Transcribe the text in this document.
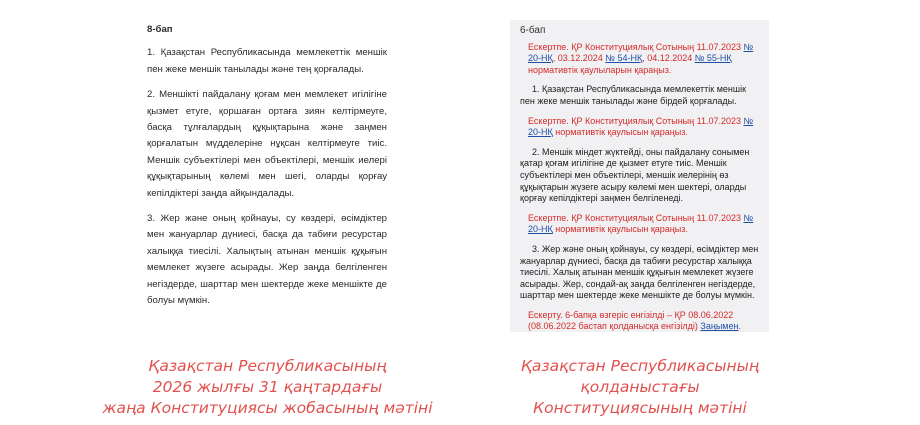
8-бап

1. Қазақстан Республикасында мемлекеттік меншік пен жеке меншік танылады және тең қорғалады.

2. Меншікті пайдалану қоғам мен мемлекет игілігіне қызмет етуге, қоршаған ортаға зиян келтірмеуге, басқа тұлғалардың құқықтарына және заңмен қорғалатын мүдделеріне нұқсан келтірмеуге тиіс. Меншік субъектілері мен объектілері, меншік иелері құқықтарының көлемі мен шегі, оларды қорғау кепілдіктері заңда айқындалады.

3. Жер және оның қойнауы, су көздері, өсімдіктер мен жануарлар дүниесі, басқа да табиғи ресурстар халыққа тиесілі. Халықтың атынан меншік құқығын мемлекет жүзеге асырады. Жер заңда белгіленген негіздерде, шарттар мен шектерде жеке меншікте де болуы мүмкін.

6-бап
Ескертпе. ҚР Конституциялық Сотының 11.07.2023 № 20-НҚ, 03.12.2024 № 54-НҚ, 04.12.2024 № 55-НҚ нормативтік қаулыларын қараңыз.
1. Қазақстан Республикасында мемлекеттік меншік пен жеке меншік танылады және бірдей қорғалады.
Ескертпе. ҚР Конституциялық Сотының 11.07.2023 № 20-НҚ нормативтік қаулысын қараңыз.
2. Меншік міндет жүктейді, оны пайдалану сонымен қатар қоғам игілігіне де қызмет етуге тиіс. Меншік субъектілері мен объектілері, меншік иелерінің өз құқықтарын жүзеге асыру көлемі мен шектері, оларды қорғау кепілдіктері заңмен белгіленеді.
Ескертпе. ҚР Конституциялық Сотының 11.07.2023 № 20-НҚ нормативтік қаулысын қараңыз.
3. Жер және оның қойнауы, су көздері, өсімдіктер мен жануарлар дүниесі, басқа да табиғи ресурстар халыққа тиесілі. Халық атынан меншік құқығын мемлекет жүзеге асырады. Жер, сондай-ақ заңда белгіленген негіздерде, шарттар мен шектерде жеке меншікте де болуы мүмкін.
Ескерту. 6-бапқа өзгеріс енгізілді – ҚР 08.06.2022 (08.06.2022 бастап қолданысқа енгізілді) Заңымен.
Қазақстан Республикасының
2026 жылғы 31 қаңтардағы
жаңа Конституциясы жобасының мәтіні
Қазақстан Республикасының
қолданыстағы
Конституциясының мәтіні
